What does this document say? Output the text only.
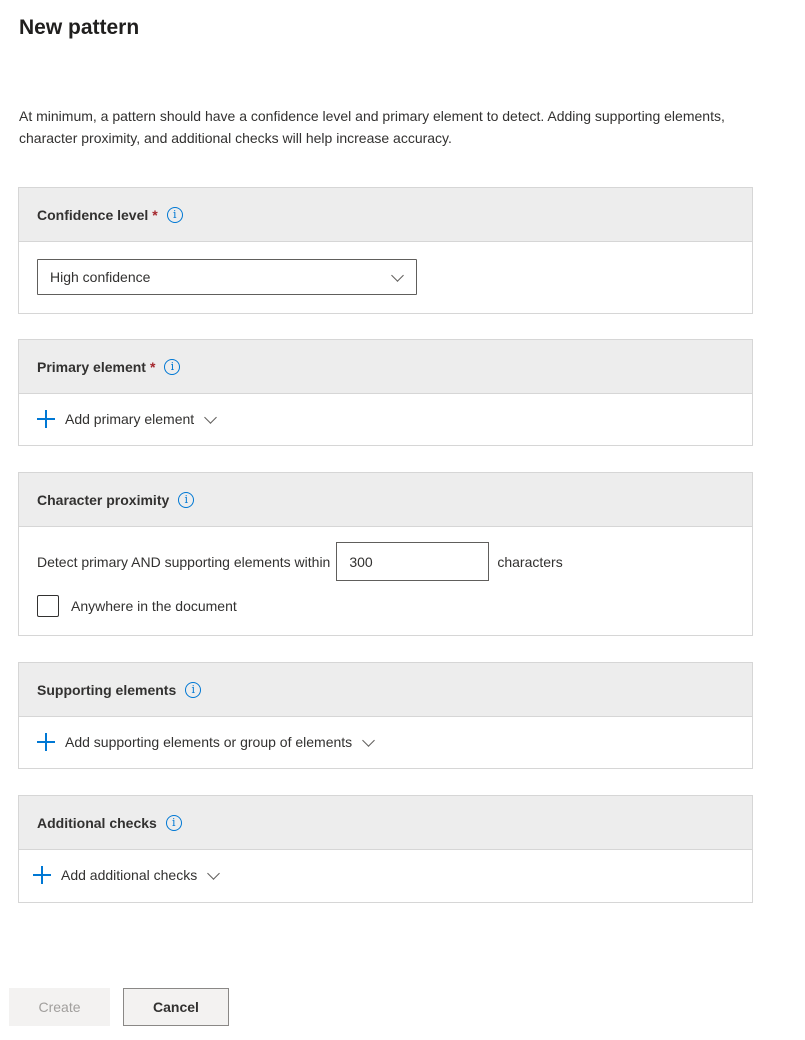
New pattern
At minimum, a pattern should have a confidence level and primary element to detect. Adding supporting elements, character proximity, and additional checks will help increase accuracy.
Confidence level *	i
High confidence
Primary element *	i
Add primary element
Character proximity	i
Detect primary AND supporting elements within
300	characters
Anywhere in the document
Supporting elements	i
Add supporting elements or group of elements
Additional checks	i
Add additional checks
Create	Cancel
